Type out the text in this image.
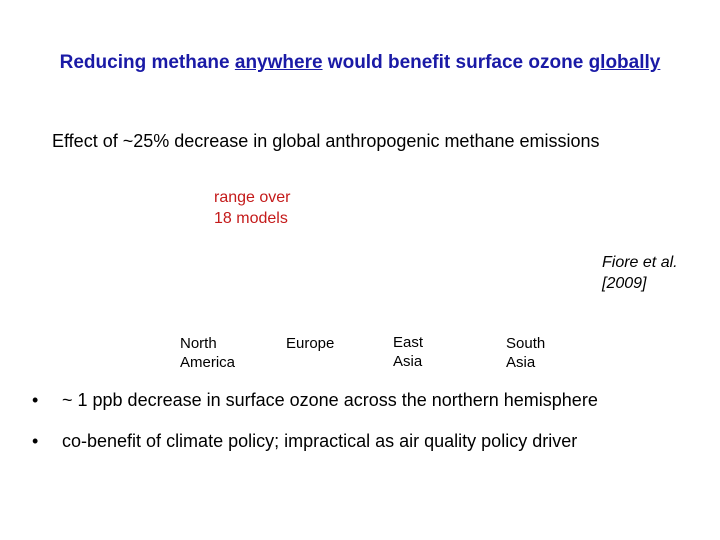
Reducing methane anywhere would benefit surface ozone globally
Effect of ~25% decrease in global anthropogenic methane emissions
range over
18 models
Fiore et al.
[2009]
North
America
Europe	East
Asia
South
Asia
• ~ 1 ppb decrease in surface ozone across the northern hemisphere
• co-benefit of climate policy; impractical as air quality policy driver
